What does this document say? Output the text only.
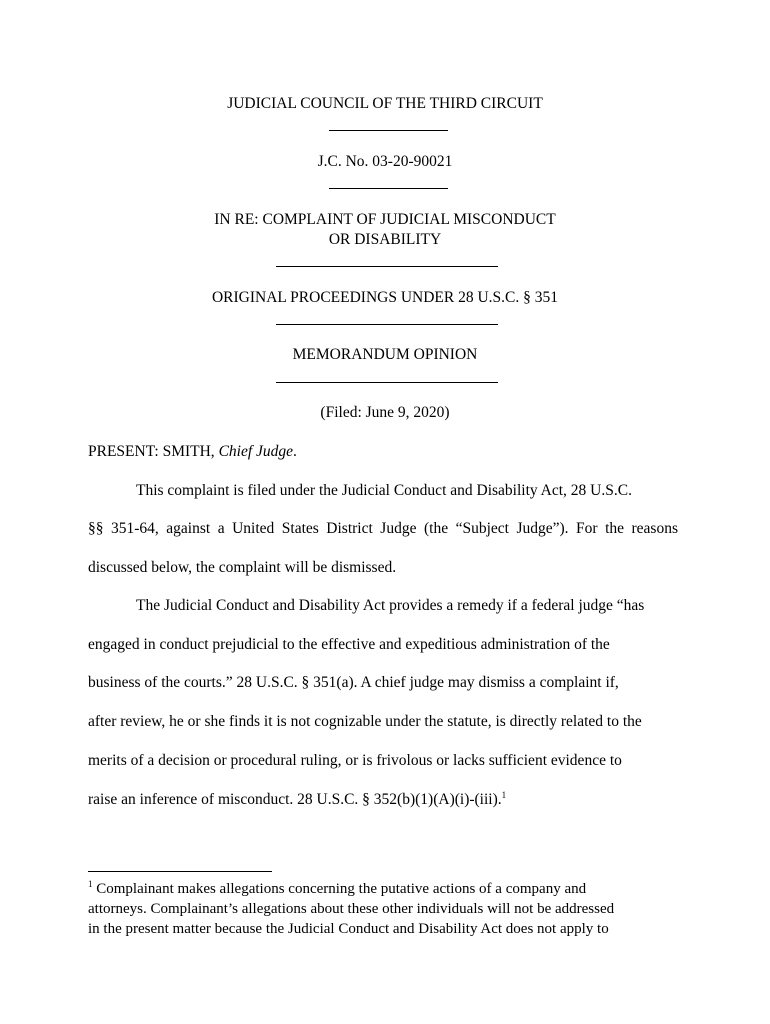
JUDICIAL COUNCIL OF THE THIRD CIRCUIT
J.C. No. 03-20-90021
IN RE: COMPLAINT OF JUDICIAL MISCONDUCT
OR DISABILITY
ORIGINAL PROCEEDINGS UNDER 28 U.S.C. § 351
MEMORANDUM OPINION
(Filed: June 9, 2020)
PRESENT: SMITH, Chief Judge.
This complaint is filed under the Judicial Conduct and Disability Act, 28 U.S.C.
§§ 351-64, against a United States District Judge (the “Subject Judge”). For the reasons
discussed below, the complaint will be dismissed.
The Judicial Conduct and Disability Act provides a remedy if a federal judge “has
engaged in conduct prejudicial to the effective and expeditious administration of the
business of the courts.” 28 U.S.C. § 351(a). A chief judge may dismiss a complaint if,
after review, he or she finds it is not cognizable under the statute, is directly related to the
merits of a decision or procedural ruling, or is frivolous or lacks sufficient evidence to
raise an inference of misconduct. 28 U.S.C. § 352(b)(1)(A)(i)-(iii).$^1$
$^1$ Complainant makes allegations concerning the putative actions of a company and
attorneys. Complainant’s allegations about these other individuals will not be addressed
in the present matter because the Judicial Conduct and Disability Act does not apply to
